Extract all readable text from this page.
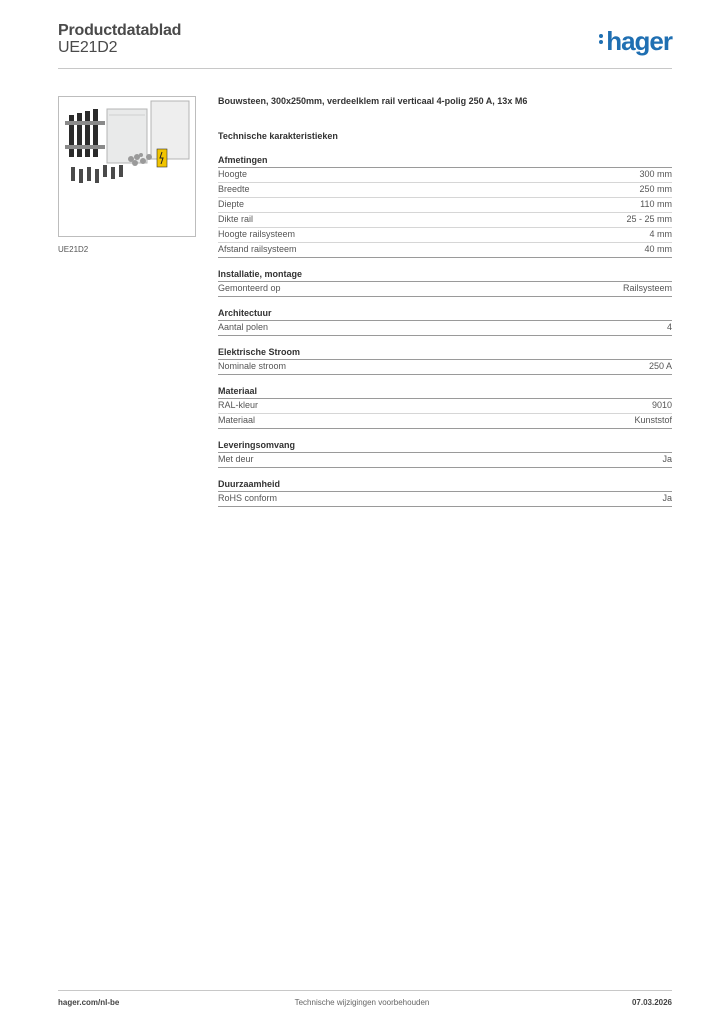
Productdatablad
UE21D2	hager
UE21D2
Bouwsteen, 300x250mm, verdeelklem rail verticaal 4-polig 250 A, 13x M6
Technische karakteristieken
Afmetingen
Hoogte	300 mm
Breedte	250 mm
Diepte	110 mm
Dikte rail	25 - 25 mm
Hoogte railsysteem	4 mm
Afstand railsysteem	40 mm
Installatie, montage
Gemonteerd op	Railsysteem
Architectuur
Aantal polen	4
Elektrische Stroom
Nominale stroom	250 A
Materiaal
RAL-kleur	9010
Materiaal	Kunststof
Leveringsomvang
Met deur	Ja
Duurzaamheid
RoHS conform	Ja
hager.com/nl-be	Technische wijzigingen voorbehouden	07.03.2026
